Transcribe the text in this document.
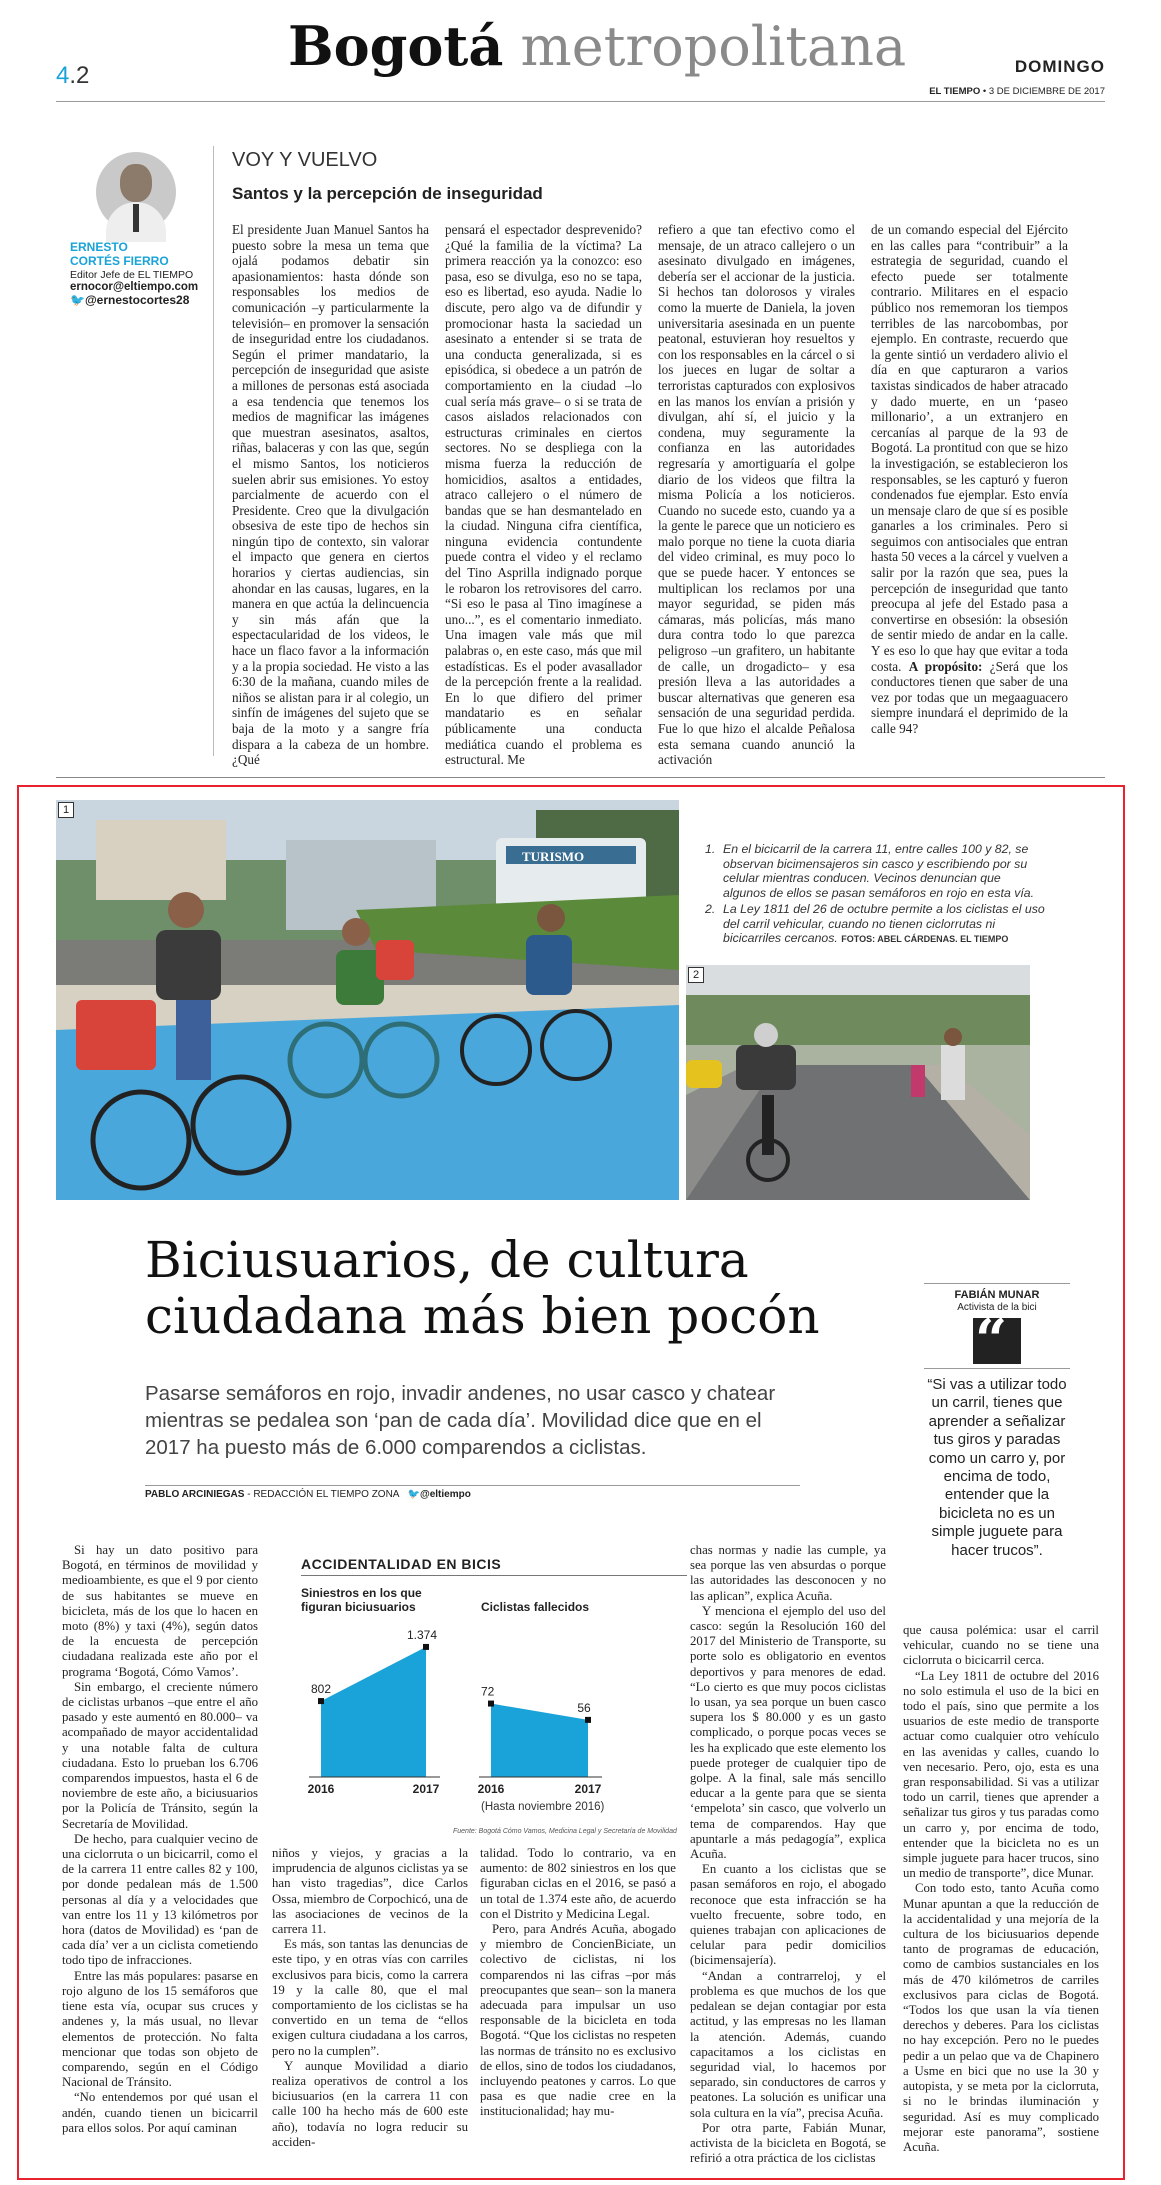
4.2	Bogotá metropolitana	DOMINGO
EL TIEMPO • 3 DE DICIEMBRE DE 2017
ERNESTO
CORTÉS FIERRO
Editor Jefe de EL TIEMPO
ernocor@eltiempo.com
🐦@ernestocortes28
VOY Y VUELVO
Santos y la percepción de inseguridad
El presidente Juan Manuel Santos ha puesto sobre la mesa un tema que ojalá podamos debatir sin apasionamientos: hasta dónde son responsables los medios de comunicación –y particularmente la televisión– en promover la sensación de inseguridad entre los ciudadanos. Según el primer mandatario, la percepción de inseguridad que asiste a millones de personas está asociada a esa tendencia que tenemos los medios de magnificar las imágenes que muestran asesinatos, asaltos, riñas, balaceras y con las que, según el mismo Santos, los noticieros suelen abrir sus emisiones. Yo estoy parcialmente de acuerdo con el Presidente. Creo que la divulgación obsesiva de este tipo de hechos sin ningún tipo de contexto, sin valorar el impacto que genera en ciertos horarios y ciertas audiencias, sin ahondar en las causas, lugares, en la manera en que actúa la delincuencia y sin más afán que la espectacularidad de los videos, le hace un flaco favor a la información y a la propia sociedad. He visto a las 6:30 de la mañana, cuando miles de niños se alistan para ir al colegio, un sinfín de imágenes del sujeto que se baja de la moto y a sangre fría dispara a la cabeza de un hombre. ¿Qué
pensará el espectador desprevenido? ¿Qué la familia de la víctima? La primera reacción ya la conozco: eso pasa, eso se divulga, eso no se tapa, eso es libertad, eso ayuda. Nadie lo discute, pero algo va de difundir y promocionar hasta la saciedad un asesinato a entender si se trata de una conducta generalizada, si es episódica, si obedece a un patrón de comportamiento en la ciudad –lo cual sería más grave– o si se trata de casos aislados relacionados con estructuras criminales en ciertos sectores. No se despliega con la misma fuerza la reducción de homicidios, asaltos a entidades, atraco callejero o el número de bandas que se han desmantelado en la ciudad. Ninguna cifra científica, ninguna evidencia contundente puede contra el video y el reclamo del Tino Asprilla indignado porque le robaron los retrovisores del carro. “Si eso le pasa al Tino imagínese a uno...”, es el comentario inmediato. Una imagen vale más que mil palabras o, en este caso, más que mil estadísticas. Es el poder avasallador de la percepción frente a la realidad. En lo que difiero del primer mandatario es en señalar públicamente una conducta mediática cuando el problema es estructural. Me
refiero a que tan efectivo como el mensaje, de un atraco callejero o un asesinato divulgado en imágenes, debería ser el accionar de la justicia. Si hechos tan dolorosos y virales como la muerte de Daniela, la joven universitaria asesinada en un puente peatonal, estuvieran hoy resueltos y con los responsables en la cárcel o si los jueces en lugar de soltar a terroristas capturados con explosivos en las manos los envían a prisión y divulgan, ahí sí, el juicio y la condena, muy seguramente la confianza en las autoridades regresaría y amortiguaría el golpe diario de los videos que filtra la misma Policía a los noticieros. Cuando no sucede esto, cuando ya a la gente le parece que un noticiero es malo porque no tiene la cuota diaria del video criminal, es muy poco lo que se puede hacer. Y entonces se multiplican los reclamos por una mayor seguridad, se piden más cámaras, más policías, más mano dura contra todo lo que parezca peligroso –un grafitero, un habitante de calle, un drogadicto– y esa presión lleva a las autoridades a buscar alternativas que generen esa sensación de una seguridad perdida. Fue lo que hizo el alcalde Peñalosa esta semana cuando anunció la activación
de un comando especial del Ejército en las calles para “contribuir” a la estrategia de seguridad, cuando el efecto puede ser totalmente contrario. Militares en el espacio público nos rememoran los tiempos terribles de las narcobombas, por ejemplo. En contraste, recuerdo que la gente sintió un verdadero alivio el día en que capturaron a varios taxistas sindicados de haber atracado y dado muerte, en un ‘paseo millonario’, a un extranjero en cercanías al parque de la 93 de Bogotá. La prontitud con que se hizo la investigación, se establecieron los responsables, se les capturó y fueron condenados fue ejemplar. Esto envía un mensaje claro de que sí es posible ganarles a los criminales. Pero si seguimos con antisociales que entran hasta 50 veces a la cárcel y vuelven a salir por la razón que sea, pues la percepción de inseguridad que tanto preocupa al jefe del Estado pasa a convertirse en obsesión: la obsesión de sentir miedo de andar en la calle. Y es eso lo que hay que evitar a toda costa. A propósito: ¿Será que los conductores tienen que saber de una vez por todas que un megaaguacero siempre inundará el deprimido de la calle 94?
TURISMO
1
1. En el bicicarril de la carrera 11, entre calles 100 y 82, se observan bicimensajeros sin casco y escribiendo por su celular mientras conducen. Vecinos denuncian que algunos de ellos se pasan semáforos en rojo en esta vía.
2. La Ley 1811 del 26 de octubre permite a los ciclistas el uso del carril vehicular, cuando no tienen ciclorrutas ni bicicarriles cercanos. FOTOS: ABEL CÁRDENAS. EL TIEMPO
2
Biciusuarios, de cultura
ciudadana más bien pocón
Pasarse semáforos en rojo, invadir andenes, no usar casco y chatear mientras se pedalea son ‘pan de cada día’. Movilidad dice que en el 2017 ha puesto más de 6.000 comparendos a ciclistas.
PABLO ARCINIEGAS - REDACCIÓN EL TIEMPO ZONA 🐦@eltiempo
FABIÁN MUNAR
Activista de la bici
“
“Si vas a utilizar todo un carril, tienes que aprender a señalizar tus giros y paradas como un carro y, por encima de todo, entender que la bicicleta no es un simple juguete para hacer trucos”.

Si hay un dato positivo para Bogotá, en términos de movilidad y medioambiente, es que el 9 por ciento de sus habitantes se mueve en bicicleta, más de los que lo hacen en moto (8%) y taxi (4%), según datos de la encuesta de percepción ciudadana realizada este año por el programa ‘Bogotá, Cómo Vamos’.

Sin embargo, el creciente número de ciclistas urbanos –que entre el año pasado y este aumentó en 80.000– va acompañado de mayor accidentalidad y una notable falta de cultura ciudadana. Esto lo prueban los 6.706 comparendos impuestos, hasta el 6 de noviembre de este año, a biciusuarios por la Policía de Tránsito, según la Secretaría de Movilidad.

De hecho, para cualquier vecino de una ciclorruta o un bicicarril, como el de la carrera 11 entre calles 82 y 100, por donde pedalean más de 1.500 personas al día y a velocidades que van entre los 11 y 13 kilómetros por hora (datos de Movilidad) es ‘pan de cada día’ ver a un ciclista cometiendo todo tipo de infracciones.

Entre las más populares: pasarse en rojo alguno de los 15 semáforos que tiene esta vía, ocupar sus cruces y andenes y, la más usual, no llevar elementos de protección. No falta mencionar que todas son objeto de comparendo, según en el Código Nacional de Tránsito.

“No entendemos por qué usan el andén, cuando tienen un bicicarril para ellos solos. Por aquí caminan

niños y viejos, y gracias a la imprudencia de algunos ciclistas ya se han visto tragedias”, dice Carlos Ossa, miembro de Corpochicó, una de las asociaciones de vecinos de la carrera 11.

Es más, son tantas las denuncias de este tipo, y en otras vías con carriles exclusivos para bicis, como la carrera 19 y la calle 80, que el mal comportamiento de los ciclistas se ha convertido en un tema de “ellos exigen cultura ciudadana a los carros, pero no la cumplen”.

Y aunque Movilidad a diario realiza operativos de control a los biciusuarios (en la carrera 11 con calle 100 ha hecho más de 600 este año), todavía no logra reducir su acciden-

talidad. Todo lo contrario, va en aumento: de 802 siniestros en los que figuraban ciclas en el 2016, se pasó a un total de 1.374 este año, de acuerdo con el Distrito y Medicina Legal.

Pero, para Andrés Acuña, abogado y miembro de ConcienBiciate, un colectivo de ciclistas, ni los comparendos ni las cifras –por más preocupantes que sean– son la manera adecuada para impulsar un uso responsable de la bicicleta en toda Bogotá. “Que los ciclistas no respeten las normas de tránsito no es exclusivo de ellos, sino de todos los ciudadanos, incluyendo peatones y carros. Lo que pasa es que nadie cree en la institucionalidad; hay mu-

chas normas y nadie las cumple, ya sea porque las ven absurdas o porque las autoridades las desconocen y no las aplican”, explica Acuña.

Y menciona el ejemplo del uso del casco: según la Resolución 160 del 2017 del Ministerio de Transporte, su porte solo es obligatorio en eventos deportivos y para menores de edad. “Lo cierto es que muy pocos ciclistas lo usan, ya sea porque un buen casco supera los $ 80.000 y es un gasto complicado, o porque pocas veces se les ha explicado que este elemento los puede proteger de cualquier tipo de golpe. A la final, sale más sencillo educar a la gente para que se sienta ‘empelota’ sin casco, que volverlo un tema de comparendos. Hay que apuntarle a más pedagogía”, explica Acuña.

En cuanto a los ciclistas que se pasan semáforos en rojo, el abogado reconoce que esta infracción se ha vuelto frecuente, sobre todo, en quienes trabajan con aplicaciones de celular para pedir domicilios (bicimensajería).

“Andan a contrarreloj, y el problema es que muchos de los que pedalean se dejan contagiar por esta actitud, y las empresas no les llaman la atención. Además, cuando capacitamos a los ciclistas en seguridad vial, lo hacemos por separado, sin conductores de carros y peatones. La solución es unificar una sola cultura en la vía”, precisa Acuña.

Por otra parte, Fabián Munar, activista de la bicicleta en Bogotá, se refirió a otra práctica de los ciclistas

que causa polémica: usar el carril vehicular, cuando no se tiene una ciclorruta o bicicarril cerca.

“La Ley 1811 de octubre del 2016 no solo estimula el uso de la bici en todo el país, sino que permite a los usuarios de este medio de transporte actuar como cualquier otro vehículo en las avenidas y calles, cuando lo ven necesario. Pero, ojo, esta es una gran responsabilidad. Si vas a utilizar todo un carril, tienes que aprender a señalizar tus giros y tus paradas como un carro y, por encima de todo, entender que la bicicleta no es un simple juguete para hacer trucos, sino un medio de transporte”, dice Munar.

Con todo esto, tanto Acuña como Munar apuntan a que la reducción de la accidentalidad y una mejoría de la cultura de los biciusuarios depende tanto de programas de educación, como de cambios sustanciales en los más de 470 kilómetros de carriles exclusivos para ciclas de Bogotá. “Todos los que usan la vía tienen derechos y deberes. Para los ciclistas no hay excepción. Pero no le puedes pedir a un pelao que va de Chapinero a Usme en bici que no use la 30 y autopista, y se meta por la ciclorruta, si no le brindas iluminación y seguridad. Así es muy complicado mejorar este panorama”, sostiene Acuña.

ACCIDENTALIDAD EN BICIS
Siniestros en los que figuran biciusuarios	Ciclistas fallecidos
802
2016
1.374
2017
72
2016
56
2017
(Hasta noviembre 2016)
Fuente: Bogotá Cómo Vamos, Medicina Legal y Secretaría de Movilidad
